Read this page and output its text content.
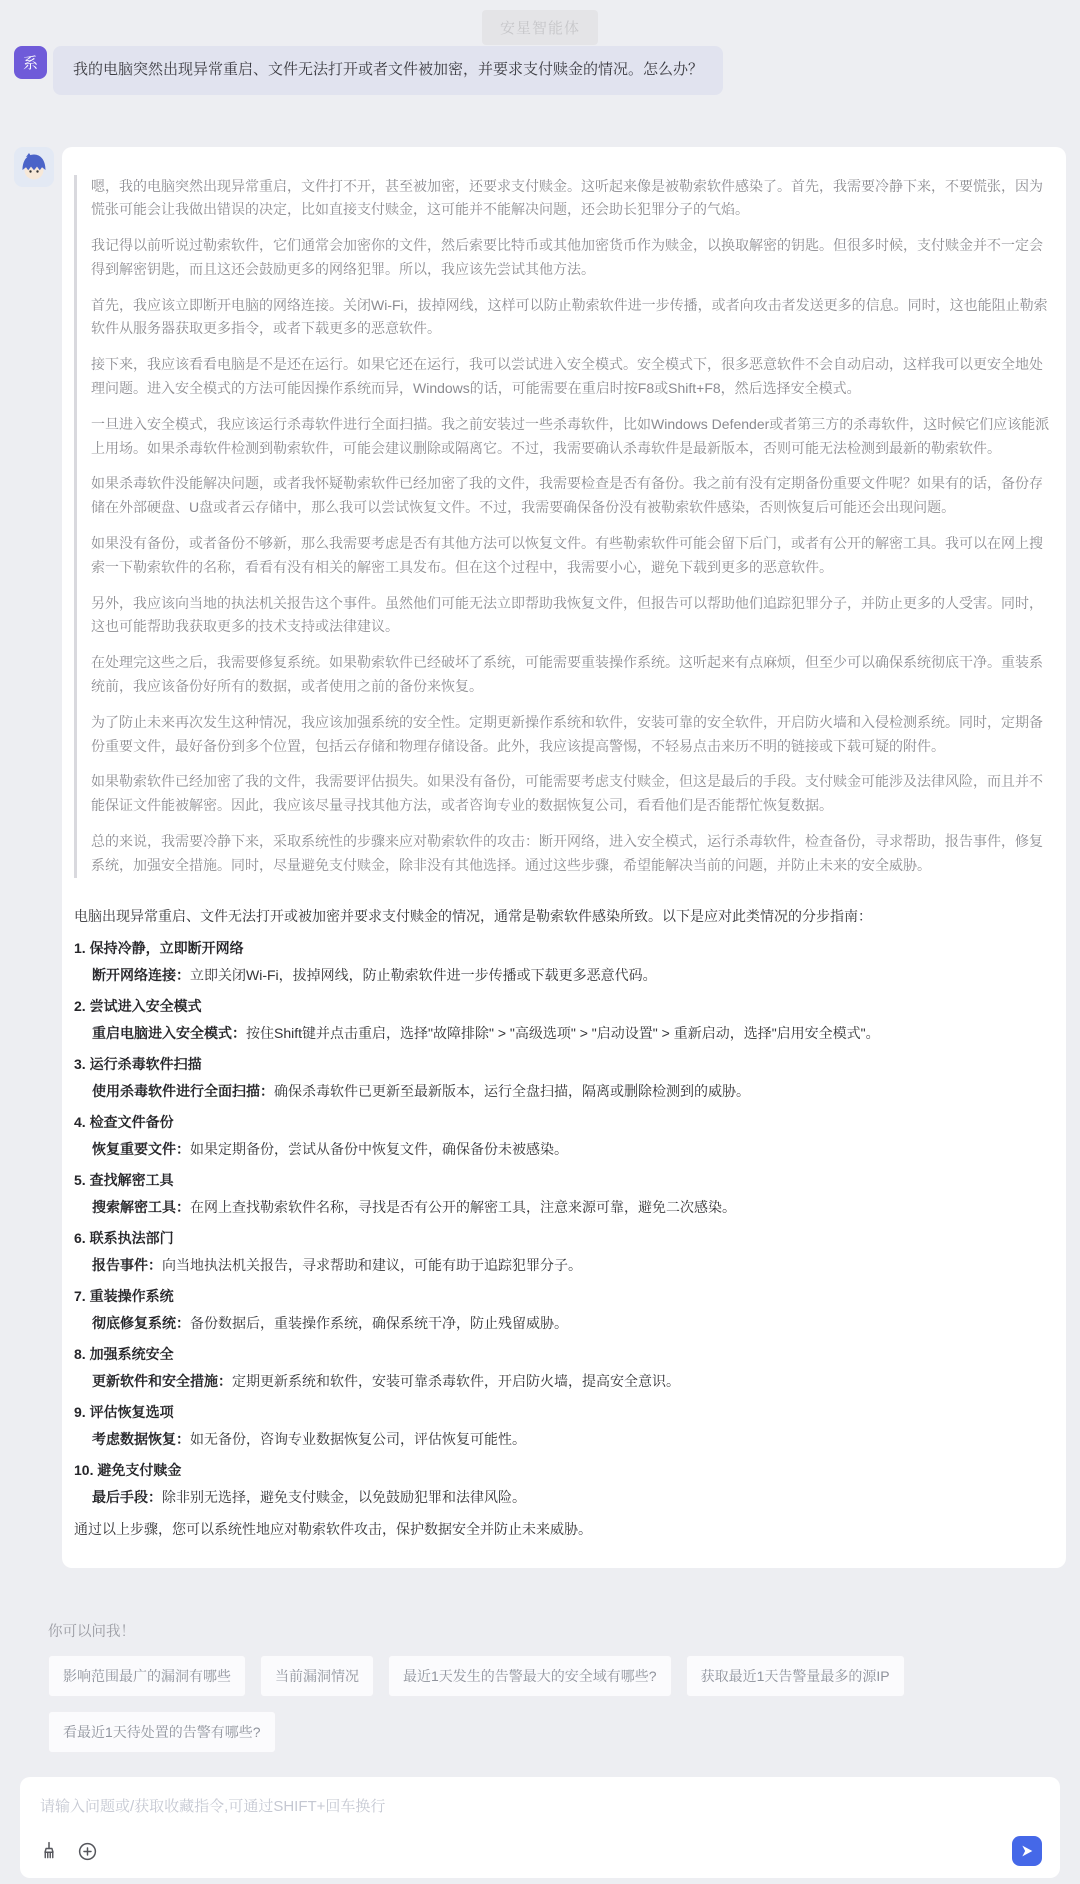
安星智能体
系	我的电脑突然出现异常重启、文件无法打开或者文件被加密，并要求支付赎金的情况。怎么办？

嗯，我的电脑突然出现异常重启，文件打不开，甚至被加密，还要求支付赎金。这听起来像是被勒索软件感染了。首先，我需要冷静下来，不要慌张，因为慌张可能会让我做出错误的决定，比如直接支付赎金，这可能并不能解决问题，还会助长犯罪分子的气焰。

我记得以前听说过勒索软件，它们通常会加密你的文件，然后索要比特币或其他加密货币作为赎金，以换取解密的钥匙。但很多时候，支付赎金并不一定会得到解密钥匙，而且这还会鼓励更多的网络犯罪。所以，我应该先尝试其他方法。

首先，我应该立即断开电脑的网络连接。关闭Wi-Fi，拔掉网线，这样可以防止勒索软件进一步传播，或者向攻击者发送更多的信息。同时，这也能阻止勒索软件从服务器获取更多指令，或者下载更多的恶意软件。

接下来，我应该看看电脑是不是还在运行。如果它还在运行，我可以尝试进入安全模式。安全模式下，很多恶意软件不会自动启动，这样我可以更安全地处理问题。进入安全模式的方法可能因操作系统而异，Windows的话，可能需要在重启时按F8或Shift+F8，然后选择安全模式。

一旦进入安全模式，我应该运行杀毒软件进行全面扫描。我之前安装过一些杀毒软件，比如Windows Defender或者第三方的杀毒软件，这时候它们应该能派上用场。如果杀毒软件检测到勒索软件，可能会建议删除或隔离它。不过，我需要确认杀毒软件是最新版本，否则可能无法检测到最新的勒索软件。

如果杀毒软件没能解决问题，或者我怀疑勒索软件已经加密了我的文件，我需要检查是否有备份。我之前有没有定期备份重要文件呢？如果有的话，备份存储在外部硬盘、U盘或者云存储中，那么我可以尝试恢复文件。不过，我需要确保备份没有被勒索软件感染，否则恢复后可能还会出现问题。

如果没有备份，或者备份不够新，那么我需要考虑是否有其他方法可以恢复文件。有些勒索软件可能会留下后门，或者有公开的解密工具。我可以在网上搜索一下勒索软件的名称，看看有没有相关的解密工具发布。但在这个过程中，我需要小心，避免下载到更多的恶意软件。

另外，我应该向当地的执法机关报告这个事件。虽然他们可能无法立即帮助我恢复文件，但报告可以帮助他们追踪犯罪分子，并防止更多的人受害。同时，这也可能帮助我获取更多的技术支持或法律建议。

在处理完这些之后，我需要修复系统。如果勒索软件已经破坏了系统，可能需要重装操作系统。这听起来有点麻烦，但至少可以确保系统彻底干净。重装系统前，我应该备份好所有的数据，或者使用之前的备份来恢复。

为了防止未来再次发生这种情况，我应该加强系统的安全性。定期更新操作系统和软件，安装可靠的安全软件，开启防火墙和入侵检测系统。同时，定期备份重要文件，最好备份到多个位置，包括云存储和物理存储设备。此外，我应该提高警惕，不轻易点击来历不明的链接或下载可疑的附件。

如果勒索软件已经加密了我的文件，我需要评估损失。如果没有备份，可能需要考虑支付赎金，但这是最后的手段。支付赎金可能涉及法律风险，而且并不能保证文件能被解密。因此，我应该尽量寻找其他方法，或者咨询专业的数据恢复公司，看看他们是否能帮忙恢复数据。

总的来说，我需要冷静下来，采取系统性的步骤来应对勒索软件的攻击：断开网络，进入安全模式，运行杀毒软件，检查备份，寻求帮助，报告事件，修复系统，加强安全措施。同时，尽量避免支付赎金，除非没有其他选择。通过这些步骤，希望能解决当前的问题，并防止未来的安全威胁。

电脑出现异常重启、文件无法打开或被加密并要求支付赎金的情况，通常是勒索软件感染所致。以下是应对此类情况的分步指南：

1. 保持冷静，立即断开网络
断开网络连接：立即关闭Wi-Fi，拔掉网线，防止勒索软件进一步传播或下载更多恶意代码。
2. 尝试进入安全模式
重启电脑进入安全模式：按住Shift键并点击重启，选择"故障排除" > "高级选项" > "启动设置" > 重新启动，选择"启用安全模式"。
3. 运行杀毒软件扫描
使用杀毒软件进行全面扫描：确保杀毒软件已更新至最新版本，运行全盘扫描，隔离或删除检测到的威胁。
4. 检查文件备份
恢复重要文件：如果定期备份，尝试从备份中恢复文件，确保备份未被感染。
5. 查找解密工具
搜索解密工具：在网上查找勒索软件名称，寻找是否有公开的解密工具，注意来源可靠，避免二次感染。
6. 联系执法部门
报告事件：向当地执法机关报告，寻求帮助和建议，可能有助于追踪犯罪分子。
7. 重装操作系统
彻底修复系统：备份数据后，重装操作系统，确保系统干净，防止残留威胁。
8. 加强系统安全
更新软件和安全措施：定期更新系统和软件，安装可靠杀毒软件，开启防火墙，提高安全意识。
9. 评估恢复选项
考虑数据恢复：如无备份，咨询专业数据恢复公司，评估恢复可能性。
10. 避免支付赎金
最后手段：除非别无选择，避免支付赎金，以免鼓励犯罪和法律风险。

通过以上步骤，您可以系统性地应对勒索软件攻击，保护数据安全并防止未来威胁。

你可以问我！
影响范围最广的漏洞有哪些	当前漏洞情况	最近1天发生的告警最大的安全域有哪些?	获取最近1天告警量最多的源IP
看最近1天待处置的告警有哪些?
请输入问题或/获取收藏指令,可通过SHIFT+回车换行
